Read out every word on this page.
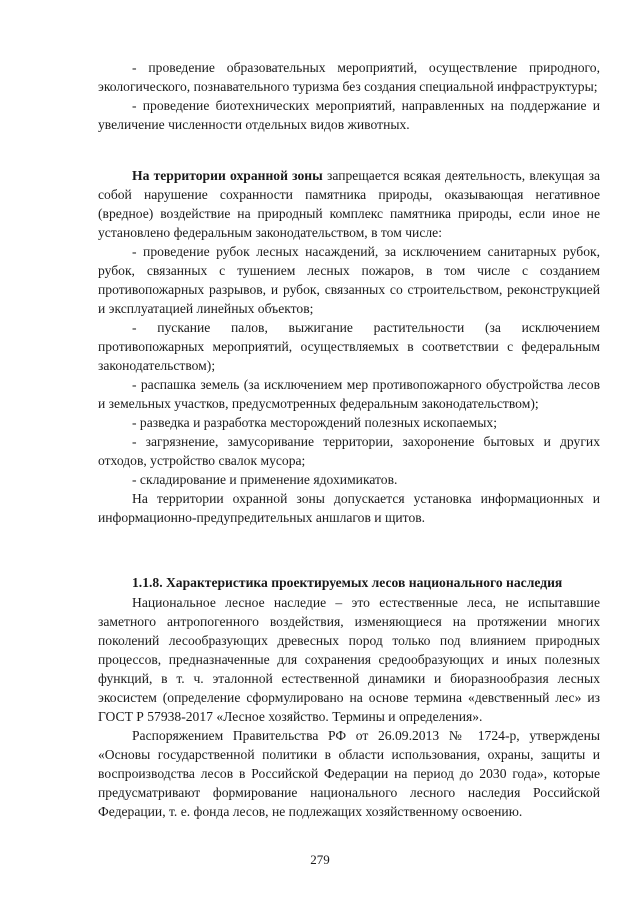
- проведение образовательных мероприятий, осуществление природного, экологического, познавательного туризма без создания специальной инфраструктуры;

- проведение биотехнических мероприятий, направленных на поддержание и увеличение численности отдельных видов животных.

На территории охранной зоны запрещается всякая деятельность, влекущая за собой нарушение сохранности памятника природы, оказывающая негативное (вредное) воздействие на природный комплекс памятника природы, если иное не установлено федеральным законодательством, в том числе:

- проведение рубок лесных насаждений, за исключением санитарных рубок, рубок, связанных с тушением лесных пожаров, в том числе с созданием противопожарных разрывов, и рубок, связанных со строительством, реконструкцией и эксплуатацией линейных объектов;

- пускание палов, выжигание растительности (за исключением противопожарных мероприятий, осуществляемых в соответствии с федеральным законодательством);

- распашка земель (за исключением мер противопожарного обустройства лесов и земельных участков, предусмотренных федеральным законодательством);

- разведка и разработка месторождений полезных ископаемых;

- загрязнение, замусоривание территории, захоронение бытовых и других отходов, устройство свалок мусора;

- складирование и применение ядохимикатов.

На территории охранной зоны допускается установка информационных и информационно-предупредительных аншлагов и щитов.

1.1.8. Характеристика проектируемых лесов национального наследия

Национальное лесное наследие – это естественные леса, не испытавшие заметного антропогенного воздействия, изменяющиеся на протяжении многих поколений лесообразующих древесных пород только под влиянием природных процессов, предназначенные для сохранения средообразующих и иных полезных функций, в т. ч. эталонной естественной динамики и биоразнообразия лесных экосистем (определение сформулировано на основе термина «девственный лес» из ГОСТ Р 57938-2017 «Лесное хозяйство. Термины и определения».

Распоряжением Правительства РФ от 26.09.2013 № 1724-р, утверждены «Основы государственной политики в области использования, охраны, защиты и воспроизводства лесов в Российской Федерации на период до 2030 года», которые предусматривают формирование национального лесного наследия Российской Федерации, т. е. фонда лесов, не подлежащих хозяйственному освоению.

279
